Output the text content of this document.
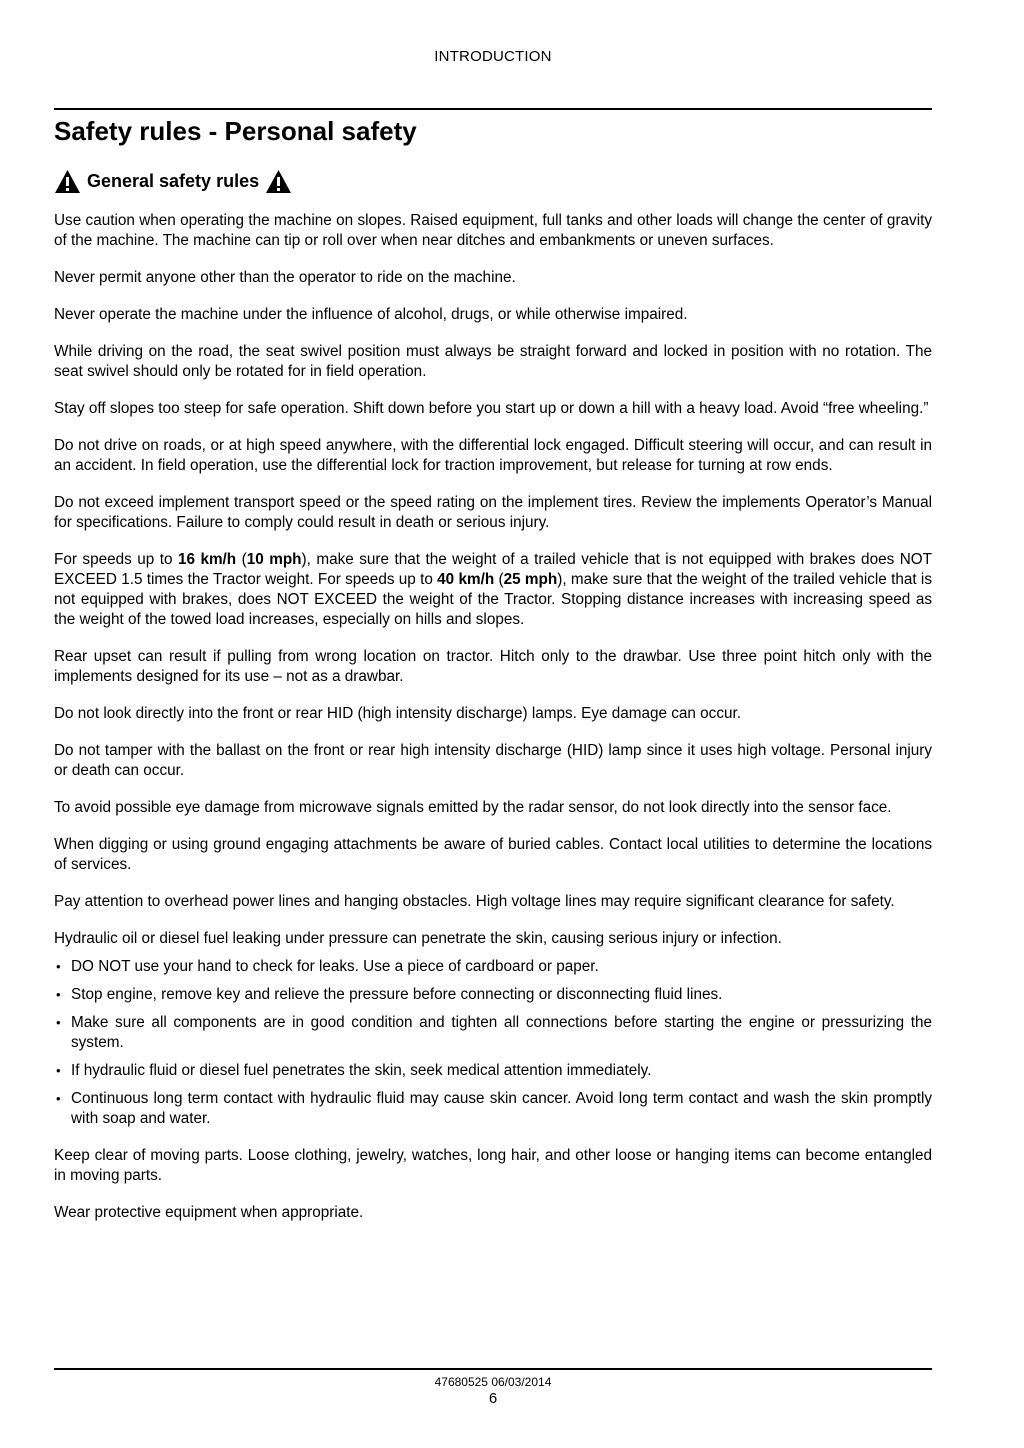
INTRODUCTION
Safety rules - Personal safety
General safety rules

Use caution when operating the machine on slopes. Raised equipment, full tanks and other loads will change the center of gravity of the machine. The machine can tip or roll over when near ditches and embankments or uneven surfaces.

Never permit anyone other than the operator to ride on the machine.

Never operate the machine under the influence of alcohol, drugs, or while otherwise impaired.

While driving on the road, the seat swivel position must always be straight forward and locked in position with no rotation. The seat swivel should only be rotated for in field operation.

Stay off slopes too steep for safe operation. Shift down before you start up or down a hill with a heavy load. Avoid “free wheeling.”

Do not drive on roads, or at high speed anywhere, with the differential lock engaged. Difficult steering will occur, and can result in an accident. In field operation, use the differential lock for traction improvement, but release for turning at row ends.

Do not exceed implement transport speed or the speed rating on the implement tires. Review the implements Operator’s Manual for specifications. Failure to comply could result in death or serious injury.

For speeds up to 16 km/h (10 mph), make sure that the weight of a trailed vehicle that is not equipped with brakes does NOT EXCEED 1.5 times the Tractor weight. For speeds up to 40 km/h (25 mph), make sure that the weight of the trailed vehicle that is not equipped with brakes, does NOT EXCEED the weight of the Tractor. Stopping distance increases with increasing speed as the weight of the towed load increases, especially on hills and slopes.

Rear upset can result if pulling from wrong location on tractor. Hitch only to the drawbar. Use three point hitch only with the implements designed for its use – not as a drawbar.

Do not look directly into the front or rear HID (high intensity discharge) lamps. Eye damage can occur.

Do not tamper with the ballast on the front or rear high intensity discharge (HID) lamp since it uses high voltage. Personal injury or death can occur.

To avoid possible eye damage from microwave signals emitted by the radar sensor, do not look directly into the sensor face.

When digging or using ground engaging attachments be aware of buried cables. Contact local utilities to determine the locations of services.

Pay attention to overhead power lines and hanging obstacles. High voltage lines may require significant clearance for safety.

Hydraulic oil or diesel fuel leaking under pressure can penetrate the skin, causing serious injury or infection.

• DO NOT use your hand to check for leaks. Use a piece of cardboard or paper.
• Stop engine, remove key and relieve the pressure before connecting or disconnecting fluid lines.
• Make sure all components are in good condition and tighten all connections before starting the engine or pressurizing the system.
• If hydraulic fluid or diesel fuel penetrates the skin, seek medical attention immediately.
• Continuous long term contact with hydraulic fluid may cause skin cancer. Avoid long term contact and wash the skin promptly with soap and water.

Keep clear of moving parts. Loose clothing, jewelry, watches, long hair, and other loose or hanging items can become entangled in moving parts.

Wear protective equipment when appropriate.

47680525 06/03/2014
6
